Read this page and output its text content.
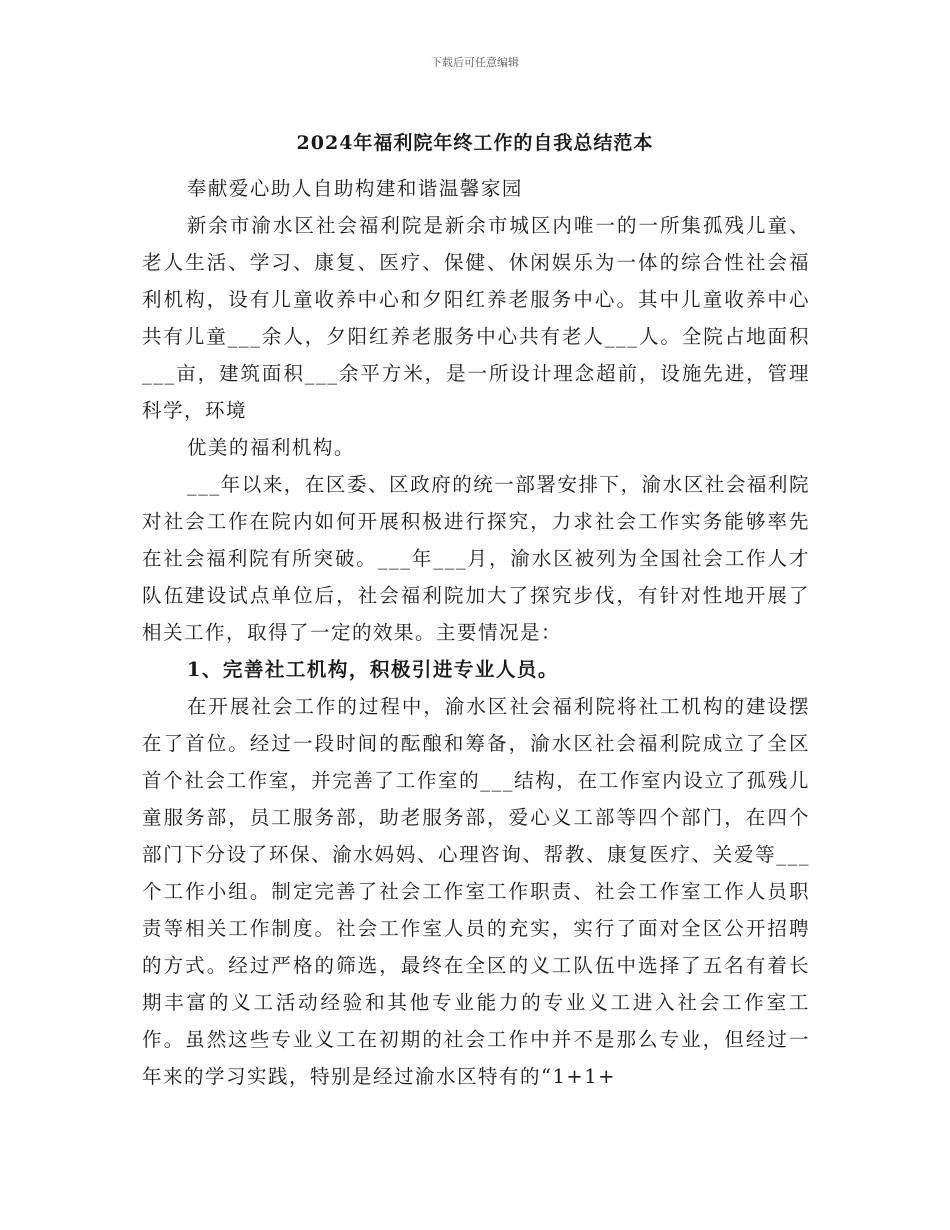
下载后可任意编辑
2024年福利院年终工作的自我总结范本

奉献爱心助人自助构建和谐温馨家园

新余市渝水区社会福利院是新余市城区内唯一的一所集孤残儿童、老人生活、学习、康复、医疗、保健、休闲娱乐为一体的综合性社会福利机构，设有儿童收养中心和夕阳红养老服务中心。其中儿童收养中心共有儿童___余人，夕阳红养老服务中心共有老人___人。全院占地面积___亩，建筑面积___余平方米，是一所设计理念超前，设施先进，管理科学，环境

优美的福利机构。

___年以来，在区委、区政府的统一部署安排下，渝水区社会福利院对社会工作在院内如何开展积极进行探究，力求社会工作实务能够率先在社会福利院有所突破。___年___月，渝水区被列为全国社会工作人才队伍建设试点单位后，社会福利院加大了探究步伐，有针对性地开展了相关工作，取得了一定的效果。主要情况是：

1、完善社工机构，积极引进专业人员。

在开展社会工作的过程中，渝水区社会福利院将社工机构的建设摆在了首位。经过一段时间的酝酿和筹备，渝水区社会福利院成立了全区首个社会工作室，并完善了工作室的___结构，在工作室内设立了孤残儿童服务部，员工服务部，助老服务部，爱心义工部等四个部门，在四个部门下分设了环保、渝水妈妈、心理咨询、帮教、康复医疗、关爱等___个工作小组。制定完善了社会工作室工作职责、社会工作室工作人员职责等相关工作制度。社会工作室人员的充实，实行了面对全区公开招聘的方式。经过严格的筛选，最终在全区的义工队伍中选择了五名有着长期丰富的义工活动经验和其他专业能力的专业义工进入社会工作室工作。虽然这些专业义工在初期的社会工作中并不是那么专业，但经过一年来的学习实践，特别是经过渝水区特有的“1+1+
